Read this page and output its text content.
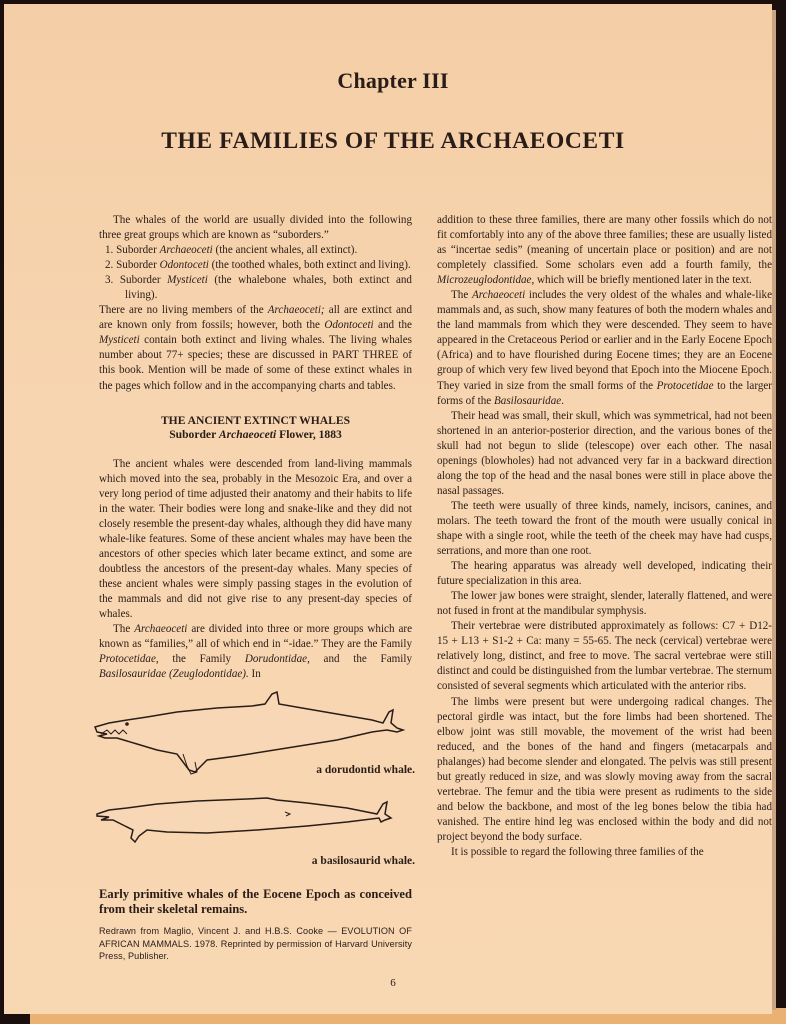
Chapter III
THE FAMILIES OF THE ARCHAEOCETI

The whales of the world are usually divided into the following three great groups which are known as “suborders.”

1. Suborder Archaeoceti (the ancient whales, all extinct).

2. Suborder Odontoceti (the toothed whales, both extinct and living).

3. Suborder Mysticeti (the whalebone whales, both extinct and living).

There are no living members of the Archaeoceti; all are extinct and are known only from fossils; however, both the Odontoceti and the Mysticeti contain both extinct and living whales. The living whales number about 77+ species; these are discussed in PART THREE of this book. Mention will be made of some of these extinct whales in the pages which follow and in the accompanying charts and tables.

THE ANCIENT EXTINCT WHALES
Suborder Archaeoceti Flower, 1883

The ancient whales were descended from land-living mammals which moved into the sea, probably in the Mesozoic Era, and over a very long period of time adjusted their anatomy and their habits to life in the water. Their bodies were long and snake-like and they did not closely resemble the present-day whales, although they did have many whale-like features. Some of these ancient whales may have been the ancestors of other species which later became extinct, and some are doubtless the ancestors of the present-day whales. Many species of these ancient whales were simply passing stages in the evolution of the mammals and did not give rise to any present-day species of whales.

The Archaeoceti are divided into three or more groups which are known as “families,” all of which end in “-idae.” They are the Family Protocetidae, the Family Dorudontidae, and the Family Basilosauridae (Zeuglodontidae). In

a dorudontid whale.
a basilosaurid whale.
Early primitive whales of the Eocene Epoch as conceived from their skeletal remains.
Redrawn from Maglio, Vincent J. and H.B.S. Cooke — EVOLUTION OF AFRICAN MAMMALS. 1978. Reprinted by permission of Harvard University Press, Publisher.

addition to these three families, there are many other fossils which do not fit comfortably into any of the above three families; these are usually listed as “incertae sedis” (meaning of uncertain place or position) and are not completely classified. Some scholars even add a fourth family, the Microzeuglodontidae, which will be briefly mentioned later in the text.

The Archaeoceti includes the very oldest of the whales and whale-like mammals and, as such, show many features of both the modern whales and the land mammals from which they were descended. They seem to have appeared in the Cretaceous Period or earlier and in the Early Eocene Epoch (Africa) and to have flourished during Eocene times; they are an Eocene group of which very few lived beyond that Epoch into the Miocene Epoch. They varied in size from the small forms of the Protocetidae to the larger forms of the Basilosauridae.

Their head was small, their skull, which was symmetrical, had not been shortened in an anterior-posterior direction, and the various bones of the skull had not begun to slide (telescope) over each other. The nasal openings (blowholes) had not advanced very far in a backward direction along the top of the head and the nasal bones were still in place above the nasal passages.

The teeth were usually of three kinds, namely, incisors, canines, and molars. The teeth toward the front of the mouth were usually conical in shape with a single root, while the teeth of the cheek may have had cusps, serrations, and more than one root.

The hearing apparatus was already well developed, indicating their future specialization in this area.

The lower jaw bones were straight, slender, laterally flattened, and were not fused in front at the mandibular symphysis.

Their vertebrae were distributed approximately as follows: C7 + D12-15 + L13 + S1-2 + Ca: many = 55-65. The neck (cervical) vertebrae were relatively long, distinct, and free to move. The sacral vertebrae were still distinct and could be distinguished from the lumbar vertebrae. The sternum consisted of several segments which articulated with the anterior ribs.

The limbs were present but were undergoing radical changes. The pectoral girdle was intact, but the fore limbs had been shortened. The elbow joint was still movable, the movement of the wrist had been reduced, and the bones of the hand and fingers (metacarpals and phalanges) had become slender and elongated. The pelvis was still present but greatly reduced in size, and was slowly moving away from the sacral vertebrae. The femur and the tibia were present as rudiments to the side and below the backbone, and most of the leg bones below the tibia had vanished. The entire hind leg was enclosed within the body and did not project beyond the body surface.

It is possible to regard the following three families of the

6
